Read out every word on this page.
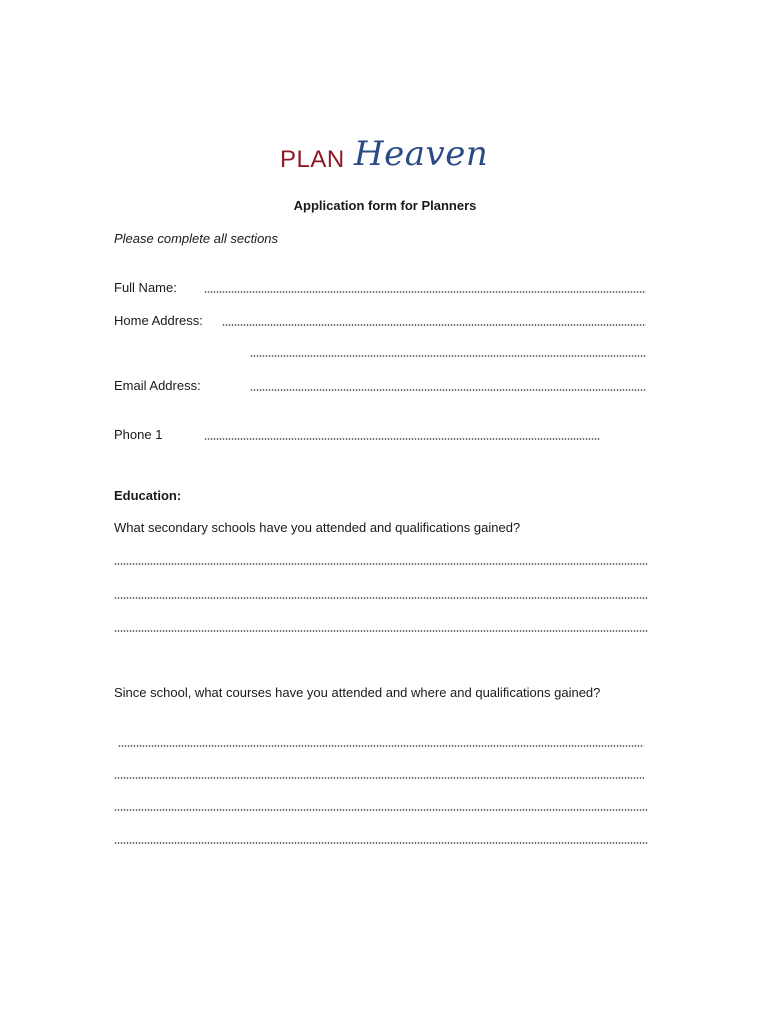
PLAN Heaven
Application form for Planners
Please complete all sections
Full Name:
Home Address:
Email Address:
Phone 1
Education:
What secondary schools have you attended and qualifications gained?
Since school, what courses have you attended and where and qualifications gained?
